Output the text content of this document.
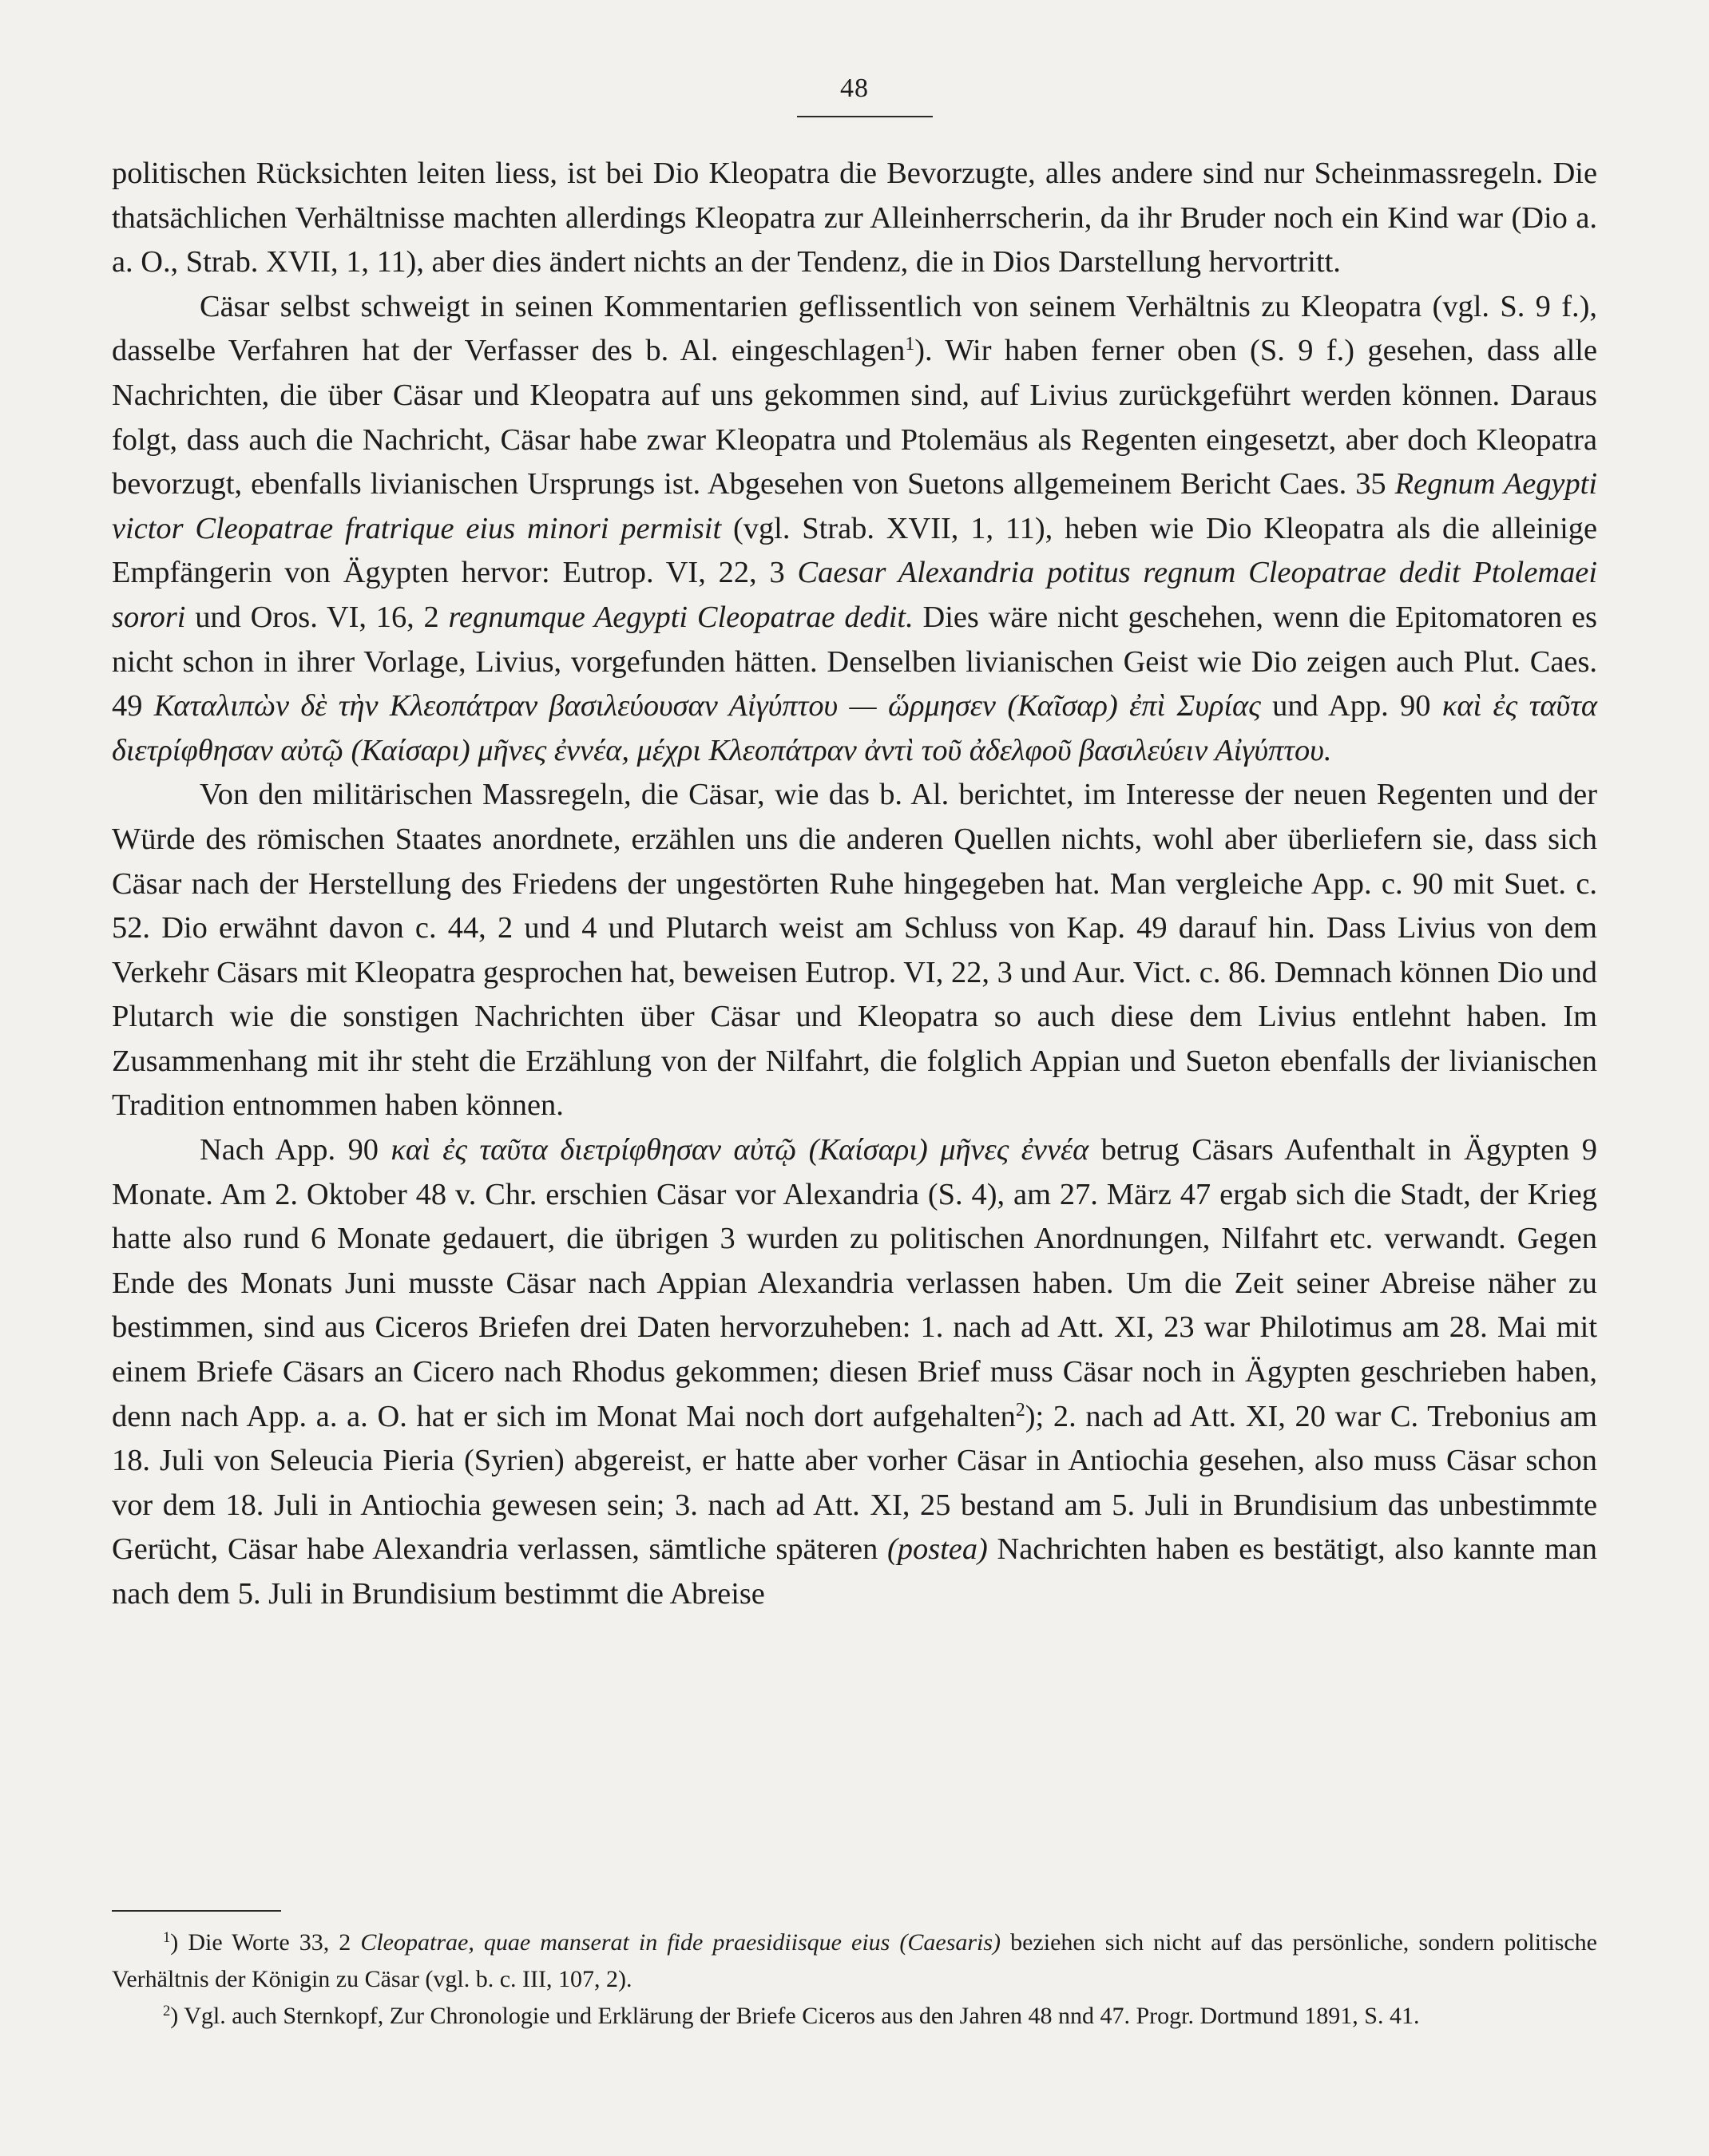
48

politischen Rücksichten leiten liess, ist bei Dio Kleopatra die Bevorzugte, alles andere sind nur Scheinmassregeln. Die thatsächlichen Verhältnisse machten allerdings Kleopatra zur Alleinherrscherin, da ihr Bruder noch ein Kind war (Dio a. a. O., Strab. XVII, 1, 11), aber dies ändert nichts an der Tendenz, die in Dios Darstellung hervortritt.

Cäsar selbst schweigt in seinen Kommentarien geflissentlich von seinem Verhältnis zu Kleopatra (vgl. S. 9 f.), dasselbe Verfahren hat der Verfasser des b. Al. eingeschlagen$^1$). Wir haben ferner oben (S. 9 f.) gesehen, dass alle Nachrichten, die über Cäsar und Kleopatra auf uns gekommen sind, auf Livius zurückgeführt werden können. Daraus folgt, dass auch die Nachricht, Cäsar habe zwar Kleopatra und Ptolemäus als Regenten eingesetzt, aber doch Kleopatra bevorzugt, ebenfalls livianischen Ursprungs ist. Abgesehen von Suetons allgemeinem Bericht Caes. 35 Regnum Aegypti victor Cleopatrae fratrique eius minori permisit (vgl. Strab. XVII, 1, 11), heben wie Dio Kleopatra als die alleinige Empfängerin von Ägypten hervor: Eutrop. VI, 22, 3 Caesar Alexandria potitus regnum Cleopatrae dedit Ptolemaei sorori und Oros. VI, 16, 2 regnumque Aegypti Cleopatrae dedit. Dies wäre nicht geschehen, wenn die Epitomatoren es nicht schon in ihrer Vorlage, Livius, vorgefunden hätten. Denselben livianischen Geist wie Dio zeigen auch Plut. Caes. 49 Καταλιπὼν δὲ τὴν Κλεοπάτραν βασιλεύουσαν Αἰγύπτου — ὥρμησεν (Καῖσαρ) ἐπὶ Συρίας und App. 90 καὶ ἐς ταῦτα διετρίφθησαν αὐτῷ (Καίσαρι) μῆνες ἐννέα, μέχρι Κλεοπάτραν ἀντὶ τοῦ ἀδελφοῦ βασιλεύειν Αἰγύπτου.

Von den militärischen Massregeln, die Cäsar, wie das b. Al. berichtet, im Interesse der neuen Regenten und der Würde des römischen Staates anordnete, erzählen uns die anderen Quellen nichts, wohl aber überliefern sie, dass sich Cäsar nach der Herstellung des Friedens der ungestörten Ruhe hingegeben hat. Man vergleiche App. c. 90 mit Suet. c. 52. Dio erwähnt davon c. 44, 2 und 4 und Plutarch weist am Schluss von Kap. 49 darauf hin. Dass Livius von dem Verkehr Cäsars mit Kleopatra gesprochen hat, beweisen Eutrop. VI, 22, 3 und Aur. Vict. c. 86. Demnach können Dio und Plutarch wie die sonstigen Nachrichten über Cäsar und Kleopatra so auch diese dem Livius entlehnt haben. Im Zusammenhang mit ihr steht die Erzählung von der Nilfahrt, die folglich Appian und Sueton ebenfalls der livianischen Tradition entnommen haben können.

Nach App. 90 καὶ ἐς ταῦτα διετρίφθησαν αὐτῷ (Καίσαρι) μῆνες ἐννέα betrug Cäsars Aufenthalt in Ägypten 9 Monate. Am 2. Oktober 48 v. Chr. erschien Cäsar vor Alexandria (S. 4), am 27. März 47 ergab sich die Stadt, der Krieg hatte also rund 6 Monate gedauert, die übrigen 3 wurden zu politischen Anordnungen, Nilfahrt etc. verwandt. Gegen Ende des Monats Juni musste Cäsar nach Appian Alexandria verlassen haben. Um die Zeit seiner Abreise näher zu bestimmen, sind aus Ciceros Briefen drei Daten hervorzuheben: 1. nach ad Att. XI, 23 war Philotimus am 28. Mai mit einem Briefe Cäsars an Cicero nach Rhodus gekommen; diesen Brief muss Cäsar noch in Ägypten geschrieben haben, denn nach App. a. a. O. hat er sich im Monat Mai noch dort aufgehalten$^2$); 2. nach ad Att. XI, 20 war C. Trebonius am 18. Juli von Seleucia Pieria (Syrien) abgereist, er hatte aber vorher Cäsar in Antiochia gesehen, also muss Cäsar schon vor dem 18. Juli in Antiochia gewesen sein; 3. nach ad Att. XI, 25 bestand am 5. Juli in Brundisium das unbestimmte Gerücht, Cäsar habe Alexandria verlassen, sämtliche späteren (postea) Nachrichten haben es bestätigt, also kannte man nach dem 5. Juli in Brundisium bestimmt die Abreise

$^1$) Die Worte 33, 2 Cleopatrae, quae manserat in fide praesidiisque eius (Caesaris) beziehen sich nicht auf das persönliche, sondern politische Verhältnis der Königin zu Cäsar (vgl. b. c. III, 107, 2).

$^2$) Vgl. auch Sternkopf, Zur Chronologie und Erklärung der Briefe Ciceros aus den Jahren 48 nnd 47. Progr. Dortmund 1891, S. 41.
